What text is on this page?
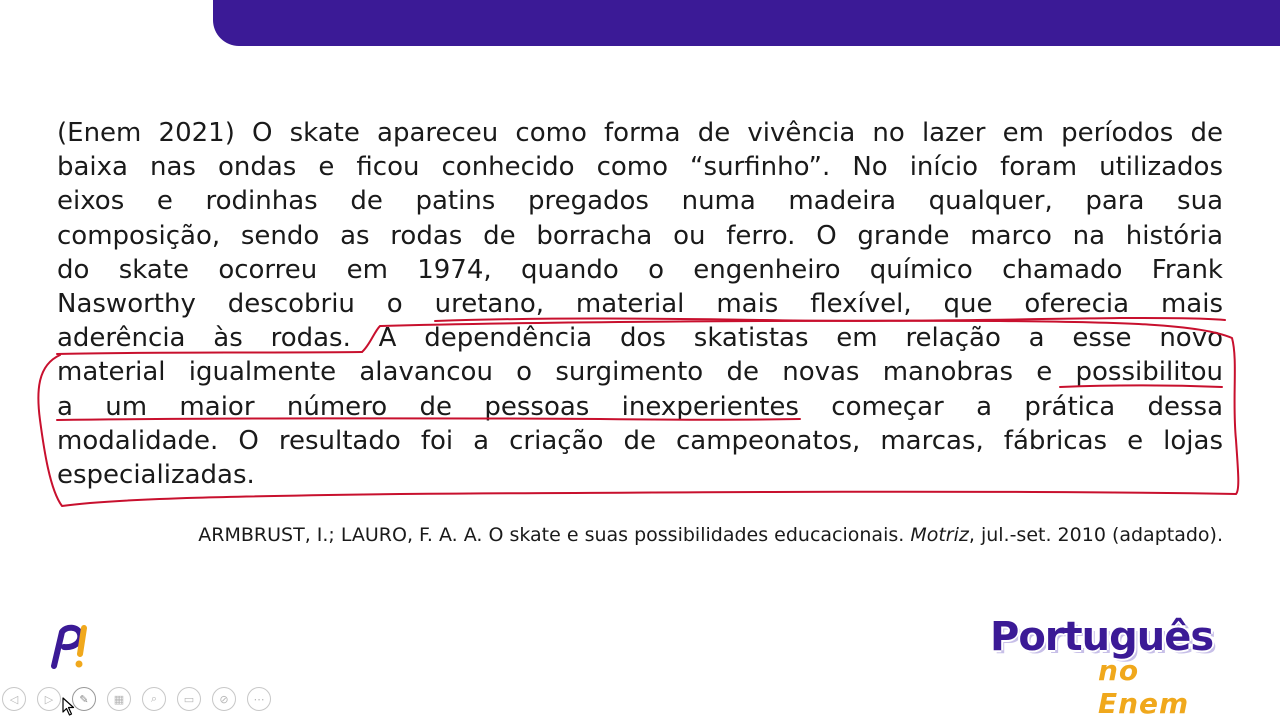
(Enem 2021) O skate apareceu como forma de vivência no lazer em períodos de
baixa nas ondas e ficou conhecido como “surfinho”. No início foram utilizados
eixos e rodinhas de patins pregados numa madeira qualquer, para sua
composição, sendo as rodas de borracha ou ferro. O grande marco na história
do skate ocorreu em 1974, quando o engenheiro químico chamado Frank
Nasworthy descobriu o uretano, material mais flexível, que oferecia mais
aderência às rodas. A dependência dos skatistas em relação a esse novo
material igualmente alavancou o surgimento de novas manobras e possibilitou
a um maior número de pessoas inexperientes começar a prática dessa
modalidade. O resultado foi a criação de campeonatos, marcas, fábricas e lojas
especializadas.
ARMBRUST, I.; LAURO, F. A. A. O skate e suas possibilidades educacionais. Motriz, jul.-set. 2010 (adaptado).
Português
no Enem
◁ ▷ ✎ ▦ ⌕ ▭ ⊘ ⋯
